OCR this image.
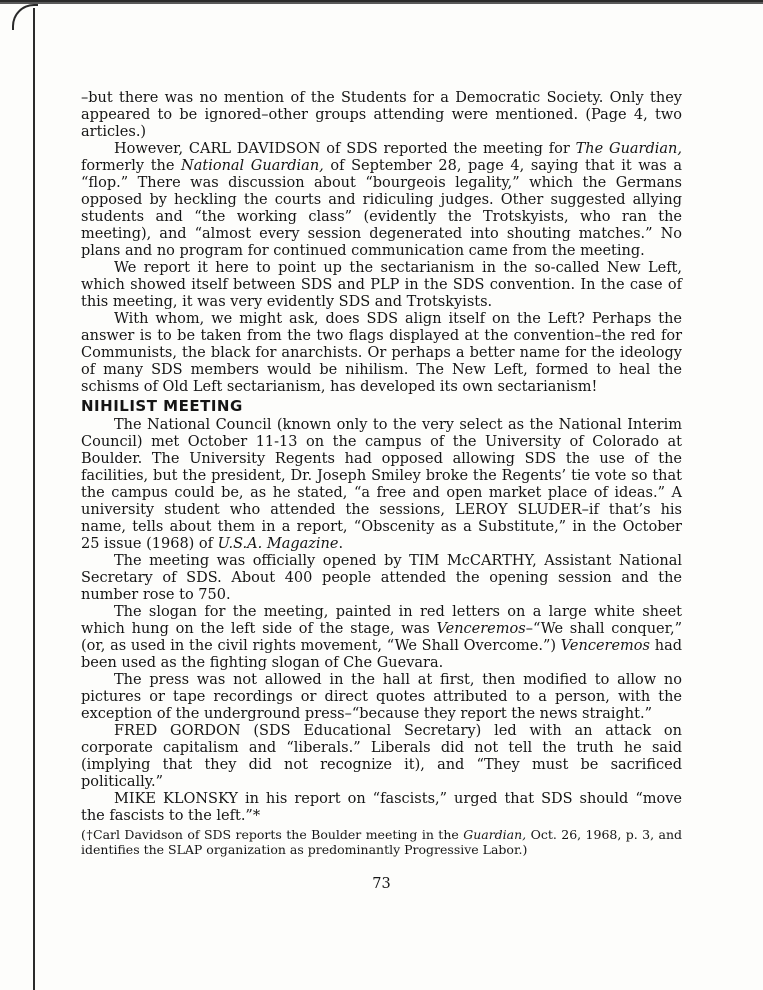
–but there was no mention of the Students for a Democratic Society. Only they appeared to be ignored–other groups attending were mentioned. (Page 4, two articles.)

However, CARL DAVIDSON of SDS reported the meeting for The Guardian, formerly the National Guardian, of September 28, page 4, saying that it was a “flop.” There was discussion about “bourgeois legality,” which the Germans opposed by heckling the courts and ridiculing judges. Other suggested allying students and “the working class” (evidently the Trotskyists, who ran the meeting), and “almost every session degenerated into shouting matches.” No plans and no program for continued communication came from the meeting.

We report it here to point up the sectarianism in the so-called New Left, which showed itself between SDS and PLP in the SDS convention. In the case of this meeting, it was very evidently SDS and Trotskyists.

With whom, we might ask, does SDS align itself on the Left? Perhaps the answer is to be taken from the two flags displayed at the convention–the red for Communists, the black for anarchists. Or perhaps a better name for the ideology of many SDS members would be nihilism. The New Left, formed to heal the schisms of Old Left sectarianism, has developed its own sectarianism!

NIHILIST MEETING

The National Council (known only to the very select as the National Interim Council) met October 11-13 on the campus of the University of Colorado at Boulder. The University Regents had opposed allowing SDS the use of the facilities, but the president, Dr. Joseph Smiley broke the Regents’ tie vote so that the campus could be, as he stated, “a free and open market place of ideas.” A university student who attended the sessions, LEROY SLUDER–if that’s his name, tells about them in a report, “Obscenity as a Substitute,” in the October 25 issue (1968) of U.S.A. Magazine.

The meeting was officially opened by TIM McCARTHY, Assistant National Secretary of SDS. About 400 people attended the opening session and the number rose to 750.

The slogan for the meeting, painted in red letters on a large white sheet which hung on the left side of the stage, was Venceremos–“We shall conquer,” (or, as used in the civil rights movement, “We Shall Overcome.”) Venceremos had been used as the fighting slogan of Che Guevara.

The press was not allowed in the hall at first, then modified to allow no pictures or tape recordings or direct quotes attributed to a person, with the exception of the underground press–“because they report the news straight.”

FRED GORDON (SDS Educational Secretary) led with an attack on corporate capitalism and “liberals.” Liberals did not tell the truth he said (implying that they did not recognize it), and “They must be sacrificed politically.”

MIKE KLONSKY in his report on “fascists,” urged that SDS should “move the fascists to the left.”*

(†Carl Davidson of SDS reports the Boulder meeting in the Guardian, Oct. 26, 1968, p. 3, and identifies the SLAP organization as predominantly Progressive Labor.)

73
